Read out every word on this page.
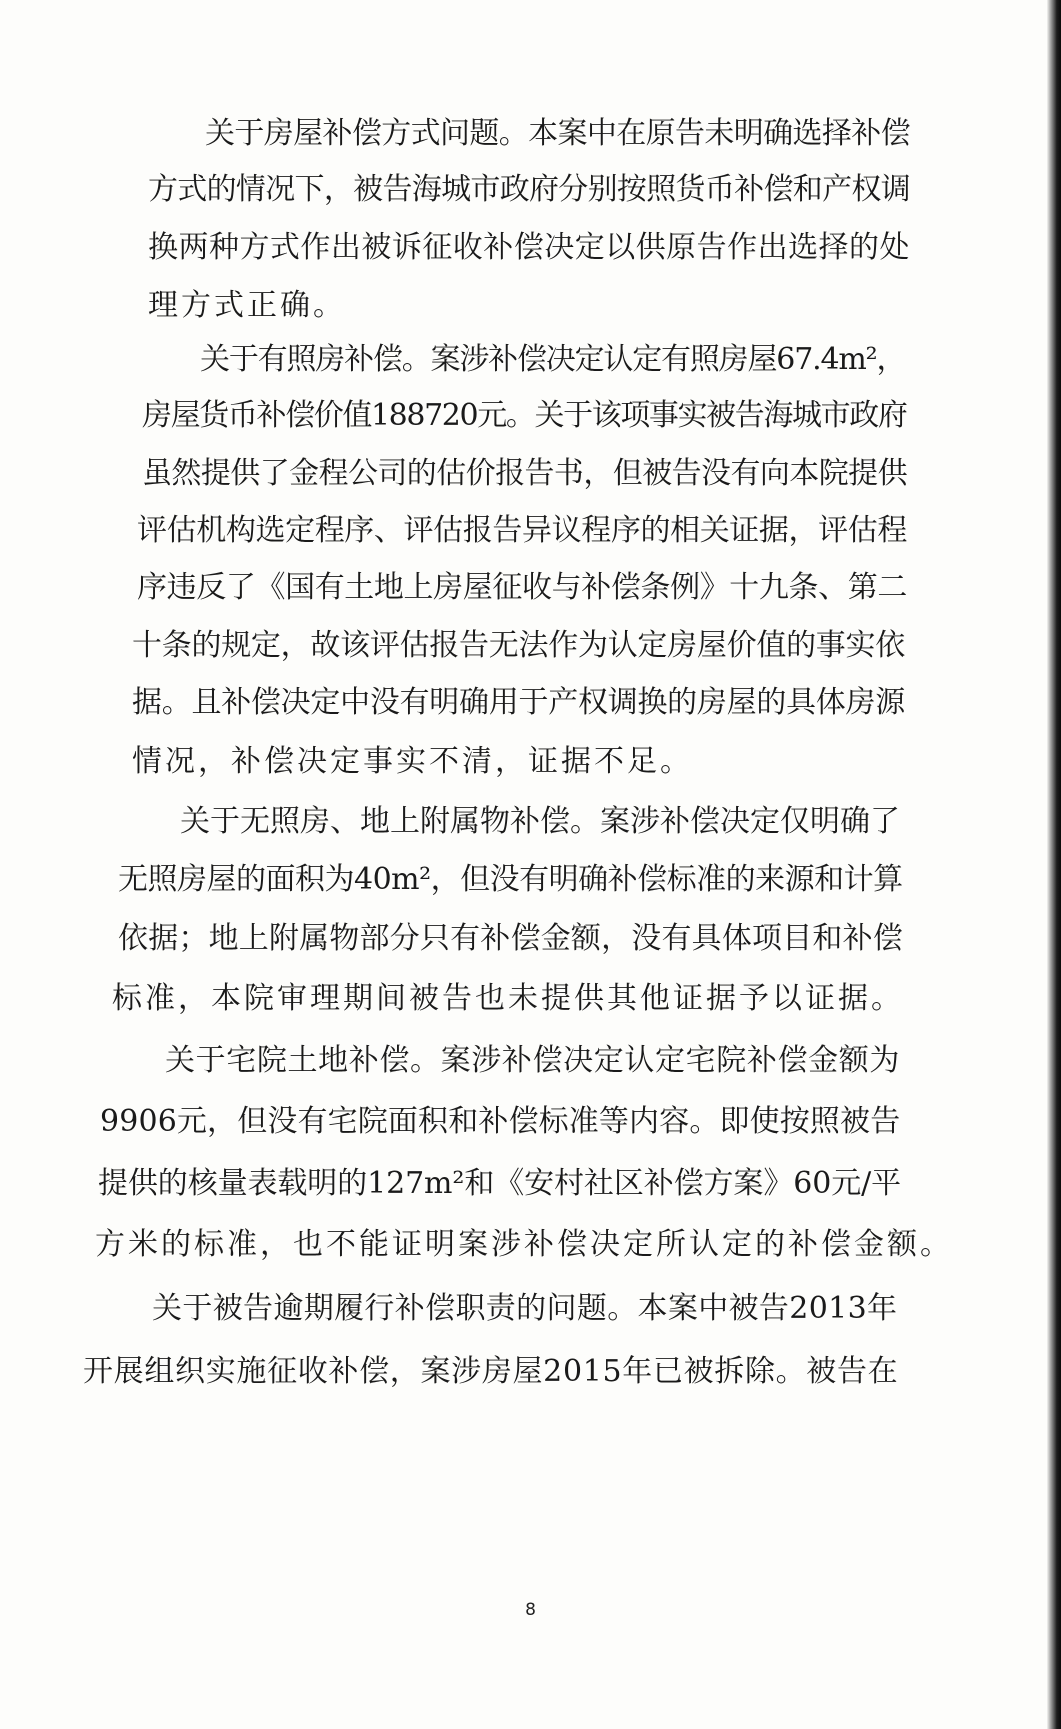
关于房屋补偿方式问题。本案中在原告未明确选择补偿

方式的情况下，被告海城市政府分别按照货币补偿和产权调

换两种方式作出被诉征收补偿决定以供原告作出选择的处

理方式正确。

关于有照房补偿。案涉补偿决定认定有照房屋67.4m²，

房屋货币补偿价值188720元。关于该项事实被告海城市政府

虽然提供了金程公司的估价报告书，但被告没有向本院提供

评估机构选定程序、评估报告异议程序的相关证据，评估程

序违反了《国有土地上房屋征收与补偿条例》十九条、第二

十条的规定，故该评估报告无法作为认定房屋价值的事实依

据。且补偿决定中没有明确用于产权调换的房屋的具体房源

情况，补偿决定事实不清，证据不足。

关于无照房、地上附属物补偿。案涉补偿决定仅明确了

无照房屋的面积为40m²，但没有明确补偿标准的来源和计算

依据；地上附属物部分只有补偿金额，没有具体项目和补偿

标准，本院审理期间被告也未提供其他证据予以证据。

关于宅院土地补偿。案涉补偿决定认定宅院补偿金额为

9906元，但没有宅院面积和补偿标准等内容。即使按照被告

提供的核量表载明的127m²和《安村社区补偿方案》60元/平

方米的标准，也不能证明案涉补偿决定所认定的补偿金额。

关于被告逾期履行补偿职责的问题。本案中被告2013年

开展组织实施征收补偿，案涉房屋2015年已被拆除。被告在

8
